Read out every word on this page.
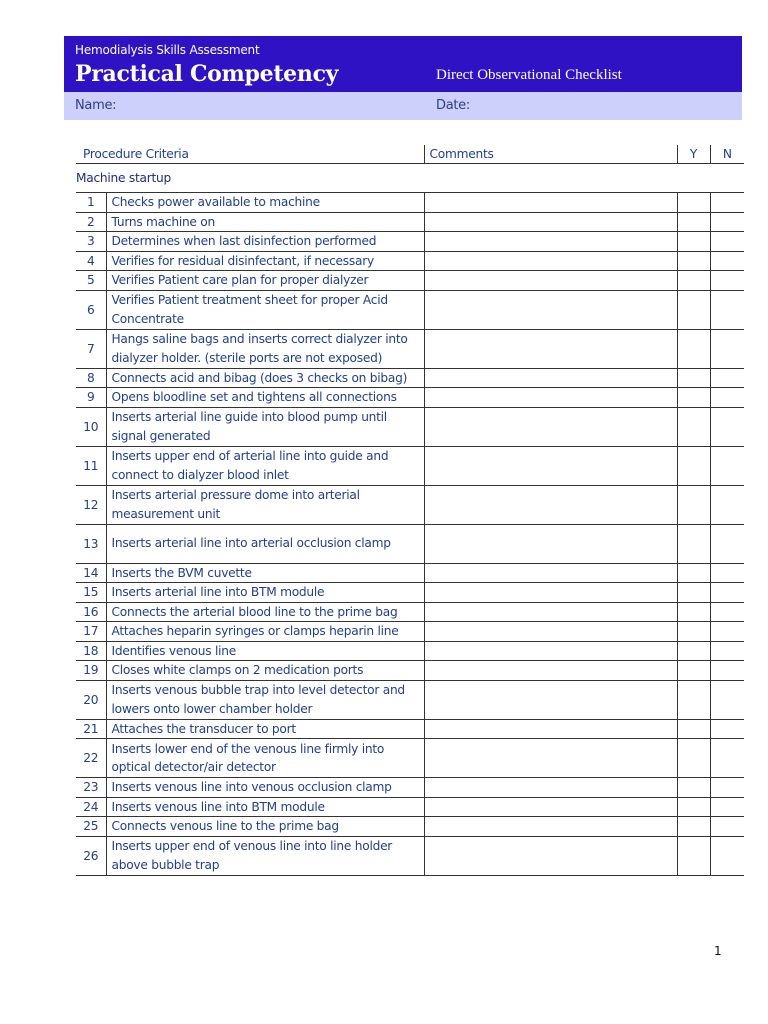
Hemodialysis Skills Assessment
Practical Competency	Direct Observational Checklist
Name:	Date:
Procedure Criteria		Comments	Y	N
Machine startup				
1	Checks power available to machine			
2	Turns machine on			
3	Determines when last disinfection performed			
4	Verifies for residual disinfectant, if necessary			
5	Verifies Patient care plan for proper dialyzer			
6	Verifies Patient treatment sheet for proper Acid Concentrate			
7	Hangs saline bags and inserts correct dialyzer into dialyzer holder. (sterile ports are not exposed)			
8	Connects acid and bibag (does 3 checks on bibag)			
9	Opens bloodline set and tightens all connections			
10	Inserts arterial line guide into blood pump until signal generated			
11	Inserts upper end of arterial line into guide and connect to dialyzer blood inlet			
12	Inserts arterial pressure dome into arterial measurement unit			
13	Inserts arterial line into arterial occlusion clamp			
14	Inserts the BVM cuvette			
15	Inserts arterial line into BTM module			
16	Connects the arterial blood line to the prime bag			
17	Attaches heparin syringes or clamps heparin line			
18	Identifies venous line			
19	Closes white clamps on 2 medication ports			
20	Inserts venous bubble trap into level detector and lowers onto lower chamber holder			
21	Attaches the transducer to port			
22	Inserts lower end of the venous line firmly into optical detector/air detector			
23	Inserts venous line into venous occlusion clamp			
24	Inserts venous line into BTM module			
25	Connects venous line to the prime bag			
26	Inserts upper end of venous line into line holder above bubble trap			
1
